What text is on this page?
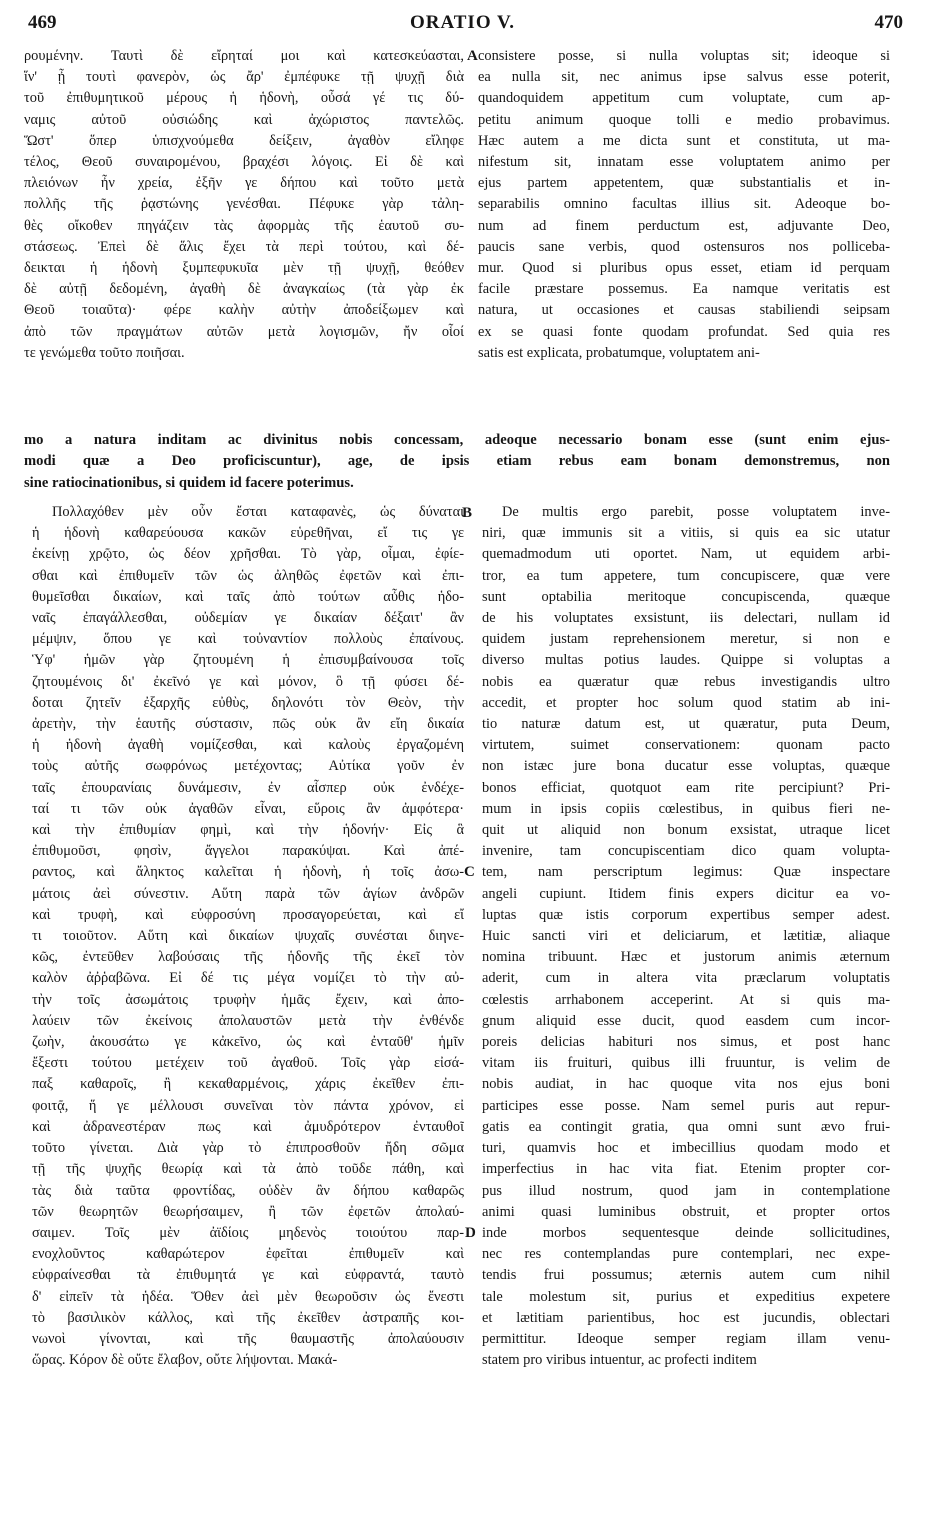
469	ORATIO V.	470
ρουμένην. Ταυτὶ δὲ εἴρηταί μοι καὶ κατεσκεύασται,
ἵν' ᾖ τουτὶ φανερὸν, ὡς ἄρ' ἐμπέφυκε τῇ ψυχῇ διὰ
τοῦ ἐπιθυμητικοῦ μέρους ἡ ἡδονὴ, οὖσά γέ τις δύ-
ναμις αὐτοῦ οὐσιώδης καὶ ἀχώριστος παντελῶς.
Ὥστ' ὅπερ ὑπισχνούμεθα δείξειν, ἀγαθὸν εἴληφε
τέλος, Θεοῦ συναιρομένου, βραχέσι λόγοις. Εἰ δὲ καὶ
πλειόνων ἦν χρεία, ἐξῆν γε δήπου καὶ τοῦτο μετὰ
πολλῆς τῆς ῥᾳστώνης γενέσθαι. Πέφυκε γὰρ τἀλη-
θὲς οἴκοθεν πηγάζειν τὰς ἀφορμὰς τῆς ἑαυτοῦ συ-
στάσεως. Ἐπεὶ δὲ ἅλις ἔχει τὰ περὶ τούτου, καὶ δέ-
δεικται ἡ ἡδονὴ ξυμπεφυκυῖα μὲν τῇ ψυχῇ, θεόθεν
δὲ αὐτῇ δεδομένη, ἀγαθὴ δὲ ἀναγκαίως (τὰ γὰρ ἐκ
Θεοῦ τοιαῦτα)· φέρε καλὴν αὐτὴν ἀποδείξωμεν καὶ
ἀπὸ τῶν πραγμάτων αὐτῶν μετὰ λογισμῶν, ἤν οἷοί
τε γενώμεθα τοῦτο ποιῆσαι.
consistere posse, si nulla voluptas sit; ideoque si
ea nulla sit, nec animus ipse salvus esse poterit,
quandoquidem appetitum cum voluptate, cum ap-
petitu animum quoque tolli e medio probavimus.
Hæc autem a me dicta sunt et constituta, ut ma-
nifestum sit, innatam esse voluptatem animo per
ejus partem appetentem, quæ substantialis et in-
separabilis omnino facultas illius sit. Adeoque bo-
num ad finem perductum est, adjuvante Deo,
paucis sane verbis, quod ostensuros nos polliceba-
mur. Quod si pluribus opus esset, etiam id perquam
facile præstare possemus. Ea namque veritatis est
natura, ut occasiones et causas stabiliendi seipsam
ex se quasi fonte quodam profundat. Sed quia res
satis est explicata, probatumque, voluptatem ani-
mo a natura inditam ac divinitus nobis concessam, adeoque necessario bonam esse (sunt enim ejus-
modi quæ a Deo proficiscuntur), age, de ipsis etiam rebus eam bonam demonstremus, non
sine ratiocinationibus, si quidem id facere poterimus.
Πολλαχόθεν μὲν οὖν ἔσται καταφανὲς, ὡς δύναται
ἡ ἡδονὴ καθαρεύουσα κακῶν εὑρεθῆναι, εἴ τις γε
ἐκείνῃ χρῷτο, ὡς δέον χρῆσθαι. Τὸ γὰρ, οἶμαι, ἐφίε-
σθαι καὶ ἐπιθυμεῖν τῶν ὡς ἀληθῶς ἐφετῶν καὶ ἐπι-
θυμεῖσθαι δικαίων, καὶ ταῖς ἀπὸ τούτων αὖθις ἡδο-
ναῖς ἐπαγάλλεσθαι, οὐδεμίαν γε δικαίαν δέξαιτ' ἂν
μέμψιν, ὅπου γε καὶ τοὐναντίον πολλοὺς ἐπαίνους.
Ὑφ' ἡμῶν γὰρ ζητουμένη ἡ ἐπισυμβαίνουσα τοῖς
ζητουμένοις δι' ἐκεῖνό γε καὶ μόνον, ὃ τῇ φύσει δέ-
δοται ζητεῖν ἐξαρχῆς εὐθὺς, δηλονότι τὸν Θεὸν, τὴν
ἀρετὴν, τὴν ἑαυτῆς σύστασιν, πῶς οὐκ ἂν εἴη δικαία
ἡ ἡδονὴ ἀγαθὴ νομίζεσθαι, καὶ καλοὺς ἐργαζομένη
τοὺς αὐτῆς σωφρόνως μετέχοντας; Αὐτίκα γοῦν ἐν
ταῖς ἐπουρανίαις δυνάμεσιν, ἐν αἷσπερ οὐκ ἐνδέχε-
ταί τι τῶν οὐκ ἀγαθῶν εἶναι, εὕροις ἂν ἀμφότερα·
καὶ τὴν ἐπιθυμίαν φημὶ, καὶ τὴν ἡδονήν· Εἰς ἃ
ἐπιθυμοῦσι, φησὶν, ἄγγελοι παρακύψαι. Καὶ ἀπέ-
ραντος, καὶ ἄληκτος καλεῖται ἡ ἡδονὴ, ἡ τοῖς ἀσω-
μάτοις ἀεὶ σύνεστιν. Αὕτη παρὰ τῶν ἁγίων ἀνδρῶν
καὶ τρυφὴ, καὶ εὐφροσύνη προσαγορεύεται, καὶ εἴ
τι τοιοῦτον. Αὕτη καὶ δικαίων ψυχαῖς συνέσται διηνε-
κῶς, ἐντεῦθεν λαβούσαις τῆς ἡδονῆς τῆς ἐκεῖ τὸν
καλὸν ἀῤῥαβῶνα. Εἰ δέ τις μέγα νομίζει τὸ τὴν αὐ-
τὴν τοῖς ἀσωμάτοις τρυφὴν ἡμᾶς ἔχειν, καὶ ἀπο-
λαύειν τῶν ἐκείνοις ἀπολαυστῶν μετὰ τὴν ἐνθένδε
ζωὴν, ἀκουσάτω γε κἀκεῖνο, ὡς καὶ ἐνταῦθ' ἡμῖν
ἔξεστι τούτου μετέχειν τοῦ ἀγαθοῦ. Τοῖς γὰρ εἰσά-
παξ καθαροῖς, ἢ κεκαθαρμένοις, χάρις ἐκεῖθεν ἐπι-
φοιτᾷ, ἥ γε μέλλουσι συνεῖναι τὸν πάντα χρόνον, εἰ
καὶ ἀδρανεστέραν πως καὶ ἀμυδρότερον ἐνταυθοῖ
τοῦτο γίνεται. Διὰ γὰρ τὸ ἐπιπροσθοῦν ἤδη σῶμα
τῇ τῆς ψυχῆς θεωρίᾳ καὶ τὰ ἀπὸ τοῦδε πάθη, καὶ
τὰς διὰ ταῦτα φροντίδας, οὐδὲν ἂν δήπου καθαρῶς
τῶν θεωρητῶν θεωρήσαιμεν, ἢ τῶν ἐφετῶν ἀπολαύ-
σαιμεν. Τοῖς μὲν ἀϊδίοις μηδενὸς τοιούτου παρ-
ενοχλοῦντος καθαρώτερον ἐφεῖται ἐπιθυμεῖν καὶ
εὐφραίνεσθαι τὰ ἐπιθυμητά γε καὶ εὐφραντά, ταυτὸ
δ' εἰπεῖν τὰ ἡδέα. Ὅθεν ἀεὶ μὲν θεωροῦσιν ὡς ἔνεστι
τὸ βασιλικὸν κάλλος, καὶ τῆς ἐκεῖθεν ἀστραπῆς κοι-
νωνοὶ γίνονται, καὶ τῆς θαυμαστῆς ἀπολαύουσιν
ὥρας. Κόρον δὲ οὔτε ἔλαβον, οὔτε λήψονται. Μακά-
De multis ergo parebit, posse voluptatem inve-
niri, quæ immunis sit a vitiis, si quis ea sic utatur
quemadmodum uti oportet. Nam, ut equidem arbi-
tror, ea tum appetere, tum concupiscere, quæ vere
sunt optabilia meritoque concupiscenda, quæque
de his voluptates exsistunt, iis delectari, nullam id
quidem justam reprehensionem meretur, si non e
diverso multas potius laudes. Quippe si voluptas a
nobis ea quæratur quæ rebus investigandis ultro
accedit, et propter hoc solum quod statim ab ini-
tio naturæ datum est, ut quæratur, puta Deum,
virtutem, suimet conservationem: quonam pacto
non istæc jure bona ducatur esse voluptas, quæque
bonos efficiat, quotquot eam rite percipiunt? Pri-
mum in ipsis copiis cœlestibus, in quibus fieri ne-
quit ut aliquid non bonum exsistat, utraque licet
invenire, tam concupiscentiam dico quam volupta-
tem, nam perscriptum legimus: Quæ inspectare
angeli cupiunt. Itidem finis expers dicitur ea vo-
luptas quæ istis corporum expertibus semper adest.
Huic sancti viri et deliciarum, et lætitiæ, aliaque
nomina tribuunt. Hæc et justorum animis æternum
aderit, cum in altera vita præclarum voluptatis
cœlestis arrhabonem acceperint. At si quis ma-
gnum aliquid esse ducit, quod easdem cum incor-
poreis delicias habituri nos simus, et post hanc
vitam iis fruituri, quibus illi fruuntur, is velim de
nobis audiat, in hac quoque vita nos ejus boni
participes esse posse. Nam semel puris aut repur-
gatis ea contingit gratia, qua omni sunt ævo frui-
turi, quamvis hoc et imbecillius quodam modo et
imperfectius in hac vita fiat. Etenim propter cor-
pus illud nostrum, quod jam in contemplatione
animi quasi luminibus obstruit, et propter ortos
inde morbos sequentesque deinde sollicitudines,
nec res contemplandas pure contemplari, nec expe-
tendis frui possumus; æternis autem cum nihil
tale molestum sit, purius et expeditius expetere
et lætitiam parientibus, hoc est jucundis, oblectari
permittitur. Ideoque semper regiam illam venu-
statem pro viribus intuentur, ac profecti inditem
A
B
C
D
